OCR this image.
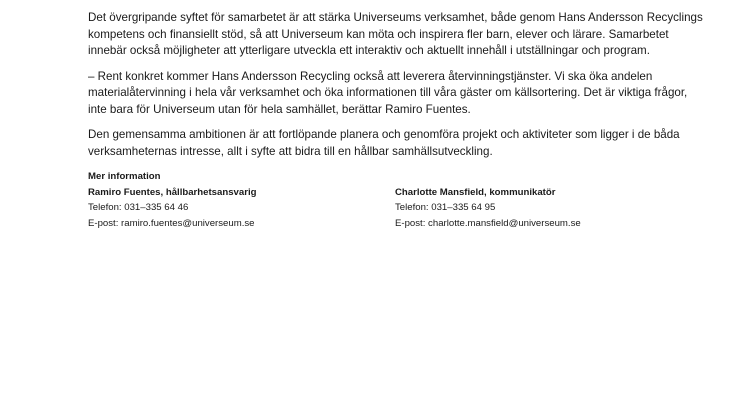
Det övergripande syftet för samarbetet är att stärka Universeums verksamhet, både genom Hans Andersson Recyclings kompetens och finansiellt stöd, så att Universeum kan möta och inspirera fler barn, elever och lärare. Samarbetet innebär också möjligheter att ytterligare utveckla ett interaktiv och aktuellt innehåll i utställningar och program.

– Rent konkret kommer Hans Andersson Recycling också att leverera återvinningstjänster. Vi ska öka andelen materialåtervinning i hela vår verksamhet och öka informationen till våra gäster om källsortering. Det är viktiga frågor, inte bara för Universeum utan för hela samhället, berättar Ramiro Fuentes.

Den gemensamma ambitionen är att fortlöpande planera och genomföra projekt och aktiviteter som ligger i de båda verksamheternas intresse, allt i syfte att bidra till en hållbar samhällsutveckling.

Mer information
Ramiro Fuentes, hållbarhetsansvarig
Telefon: 031–335 64 46
E-post: ramiro.fuentes@universeum.se
Charlotte Mansfield, kommunikatör
Telefon: 031–335 64 95
E-post: charlotte.mansfield@universeum.se
